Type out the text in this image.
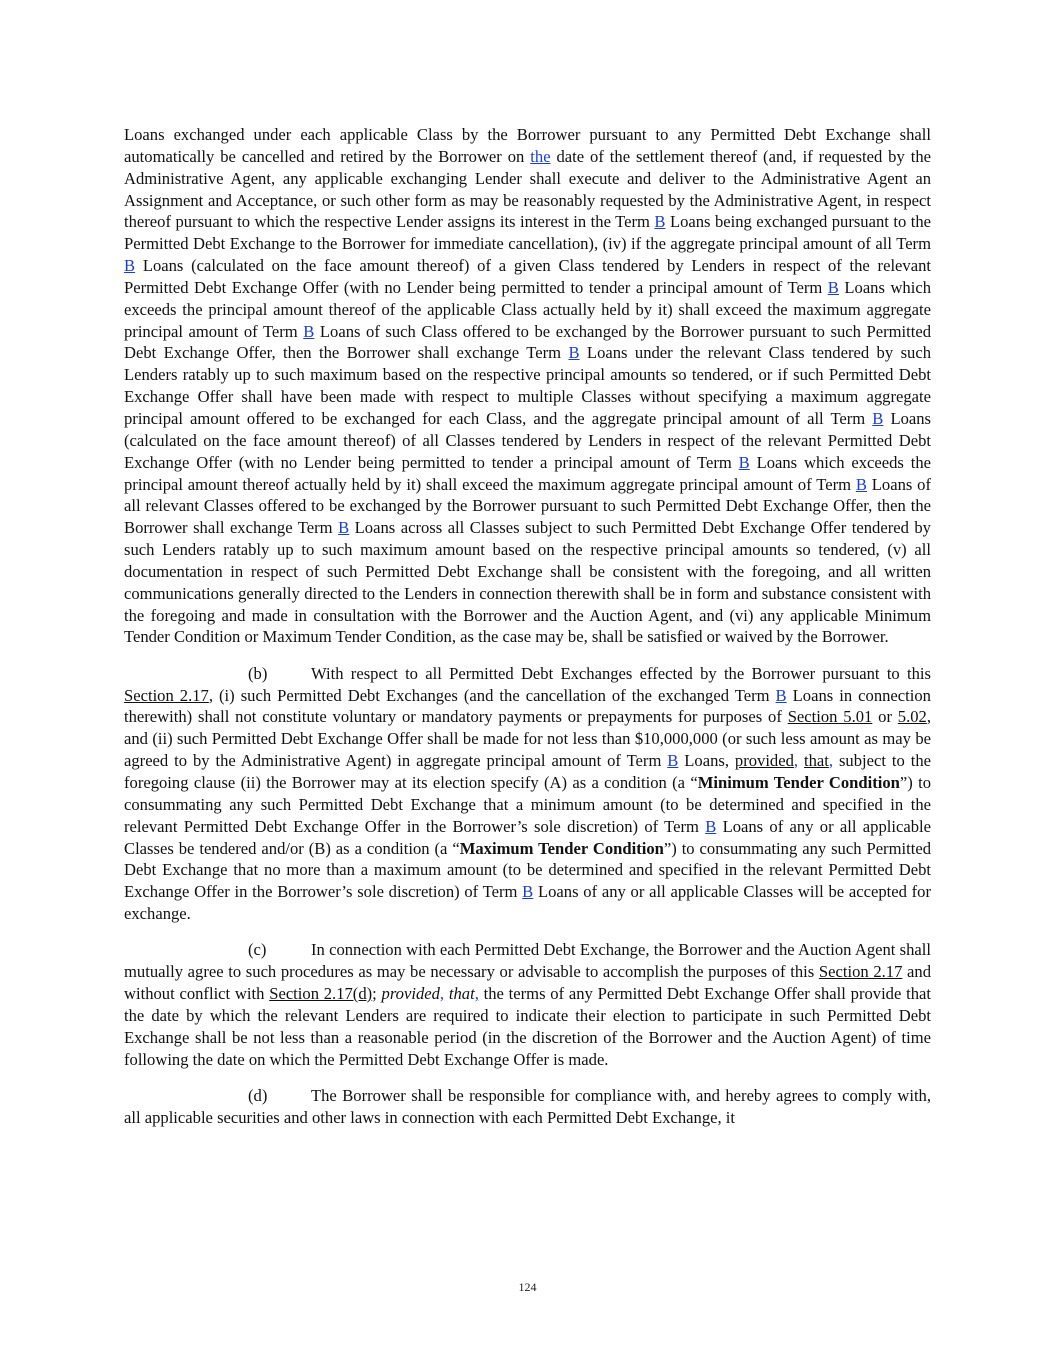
Loans exchanged under each applicable Class by the Borrower pursuant to any Permitted Debt Exchange shall automatically be cancelled and retired by the Borrower on the date of the settlement thereof (and, if requested by the Administrative Agent, any applicable exchanging Lender shall execute and deliver to the Administrative Agent an Assignment and Acceptance, or such other form as may be reasonably requested by the Administrative Agent, in respect thereof pursuant to which the respective Lender assigns its interest in the Term B Loans being exchanged pursuant to the Permitted Debt Exchange to the Borrower for immediate cancellation), (iv) if the aggregate principal amount of all Term B Loans (calculated on the face amount thereof) of a given Class tendered by Lenders in respect of the relevant Permitted Debt Exchange Offer (with no Lender being permitted to tender a principal amount of Term B Loans which exceeds the principal amount thereof of the applicable Class actually held by it) shall exceed the maximum aggregate principal amount of Term B Loans of such Class offered to be exchanged by the Borrower pursuant to such Permitted Debt Exchange Offer, then the Borrower shall exchange Term B Loans under the relevant Class tendered by such Lenders ratably up to such maximum based on the respective principal amounts so tendered, or if such Permitted Debt Exchange Offer shall have been made with respect to multiple Classes without specifying a maximum aggregate principal amount offered to be exchanged for each Class, and the aggregate principal amount of all Term B Loans (calculated on the face amount thereof) of all Classes tendered by Lenders in respect of the relevant Permitted Debt Exchange Offer (with no Lender being permitted to tender a principal amount of Term B Loans which exceeds the principal amount thereof actually held by it) shall exceed the maximum aggregate principal amount of Term B Loans of all relevant Classes offered to be exchanged by the Borrower pursuant to such Permitted Debt Exchange Offer, then the Borrower shall exchange Term B Loans across all Classes subject to such Permitted Debt Exchange Offer tendered by such Lenders ratably up to such maximum amount based on the respective principal amounts so tendered, (v) all documentation in respect of such Permitted Debt Exchange shall be consistent with the foregoing, and all written communications generally directed to the Lenders in connection therewith shall be in form and substance consistent with the foregoing and made in consultation with the Borrower and the Auction Agent, and (vi) any applicable Minimum Tender Condition or Maximum Tender Condition, as the case may be, shall be satisfied or waived by the Borrower.

(b)	With respect to all Permitted Debt Exchanges effected by the Borrower pursuant to this Section 2.17, (i) such Permitted Debt Exchanges (and the cancellation of the exchanged Term B Loans in connection therewith) shall not constitute voluntary or mandatory payments or prepayments for purposes of Section 5.01 or 5.02, and (ii) such Permitted Debt Exchange Offer shall be made for not less than $10,000,000 (or such less amount as may be agreed to by the Administrative Agent) in aggregate principal amount of Term B Loans, provided, that, subject to the foregoing clause (ii) the Borrower may at its election specify (A) as a condition (a “Minimum Tender Condition”) to consummating any such Permitted Debt Exchange that a minimum amount (to be determined and specified in the relevant Permitted Debt Exchange Offer in the Borrower’s sole discretion) of Term B Loans of any or all applicable Classes be tendered and/or (B) as a condition (a “Maximum Tender Condition”) to consummating any such Permitted Debt Exchange that no more than a maximum amount (to be determined and specified in the relevant Permitted Debt Exchange Offer in the Borrower’s sole discretion) of Term B Loans of any or all applicable Classes will be accepted for exchange.

(c)	In connection with each Permitted Debt Exchange, the Borrower and the Auction Agent shall mutually agree to such procedures as may be necessary or advisable to accomplish the purposes of this Section 2.17 and without conflict with Section 2.17(d); provided, that, the terms of any Permitted Debt Exchange Offer shall provide that the date by which the relevant Lenders are required to indicate their election to participate in such Permitted Debt Exchange shall be not less than a reasonable period (in the discretion of the Borrower and the Auction Agent) of time following the date on which the Permitted Debt Exchange Offer is made.

(d)	The Borrower shall be responsible for compliance with, and hereby agrees to comply with, all applicable securities and other laws in connection with each Permitted Debt Exchange, it

124
